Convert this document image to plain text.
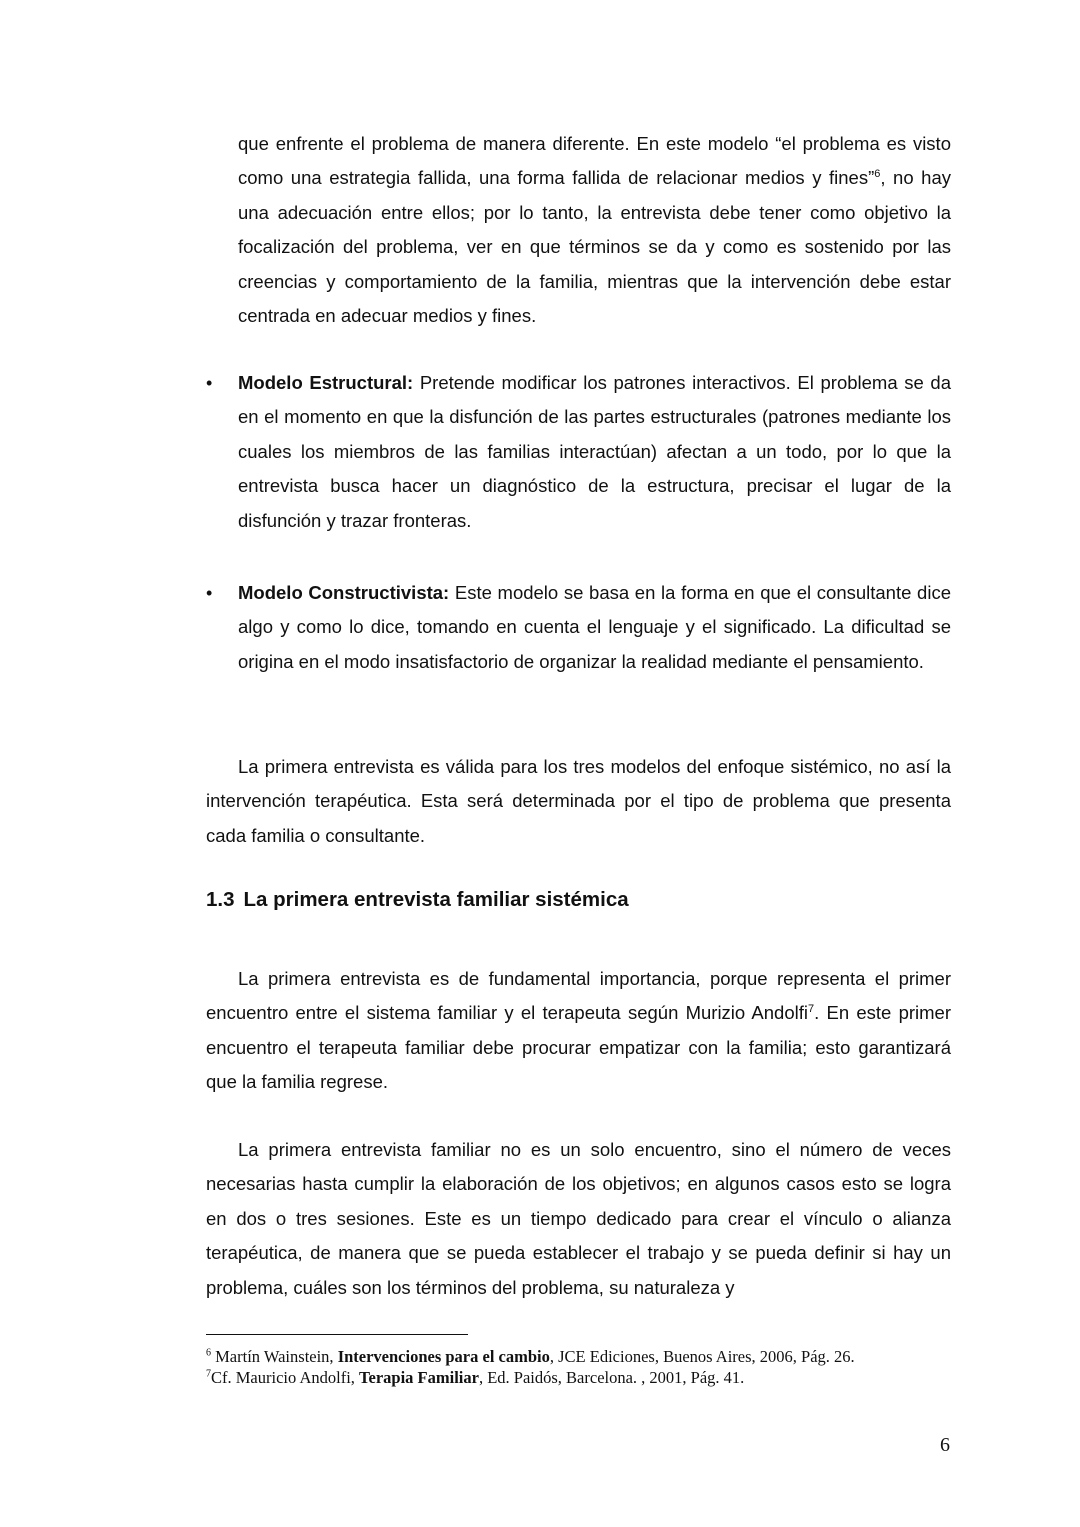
que enfrente el problema de manera diferente. En este modelo “el problema es visto como una estrategia fallida, una forma fallida de relacionar medios y fines”$^6$, no hay una adecuación entre ellos; por lo tanto, la entrevista debe tener como objetivo la focalización del problema, ver en que términos se da y como es sostenido por las creencias y comportamiento de la familia, mientras que la intervención debe estar centrada en adecuar medios y fines.
•	Modelo Estructural: Pretende modificar los patrones interactivos. El problema se da en el momento en que la disfunción de las partes estructurales (patrones mediante los cuales los miembros de las familias interactúan) afectan a un todo, por lo que la entrevista busca hacer un diagnóstico de la estructura, precisar el lugar de la disfunción y trazar fronteras.
•	Modelo Constructivista: Este modelo se basa en la forma en que el consultante dice algo y como lo dice, tomando en cuenta el lenguaje y el significado. La dificultad se origina en el modo insatisfactorio de organizar la realidad mediante el pensamiento.
La primera entrevista es válida para los tres modelos del enfoque sistémico, no así la intervención terapéutica. Esta será determinada por el tipo de problema que presenta cada familia o consultante.
1.3 La primera entrevista familiar sistémica
La primera entrevista es de fundamental importancia, porque representa el primer encuentro entre el sistema familiar y el terapeuta según Murizio Andolfi$^7$. En este primer encuentro el terapeuta familiar debe procurar empatizar con la familia; esto garantizará que la familia regrese.
La primera entrevista familiar no es un solo encuentro, sino el número de veces necesarias hasta cumplir la elaboración de los objetivos; en algunos casos esto se logra en dos o tres sesiones. Este es un tiempo dedicado para crear el vínculo o alianza terapéutica, de manera que se pueda establecer el trabajo y se pueda definir si hay un problema, cuáles son los términos del problema, su naturaleza y
$^6$ Martín Wainstein, Intervenciones para el cambio, JCE Ediciones, Buenos Aires, 2006, Pág. 26.
$^7$Cf. Mauricio Andolfi, Terapia Familiar, Ed. Paidós, Barcelona. , 2001, Pág. 41.
6
